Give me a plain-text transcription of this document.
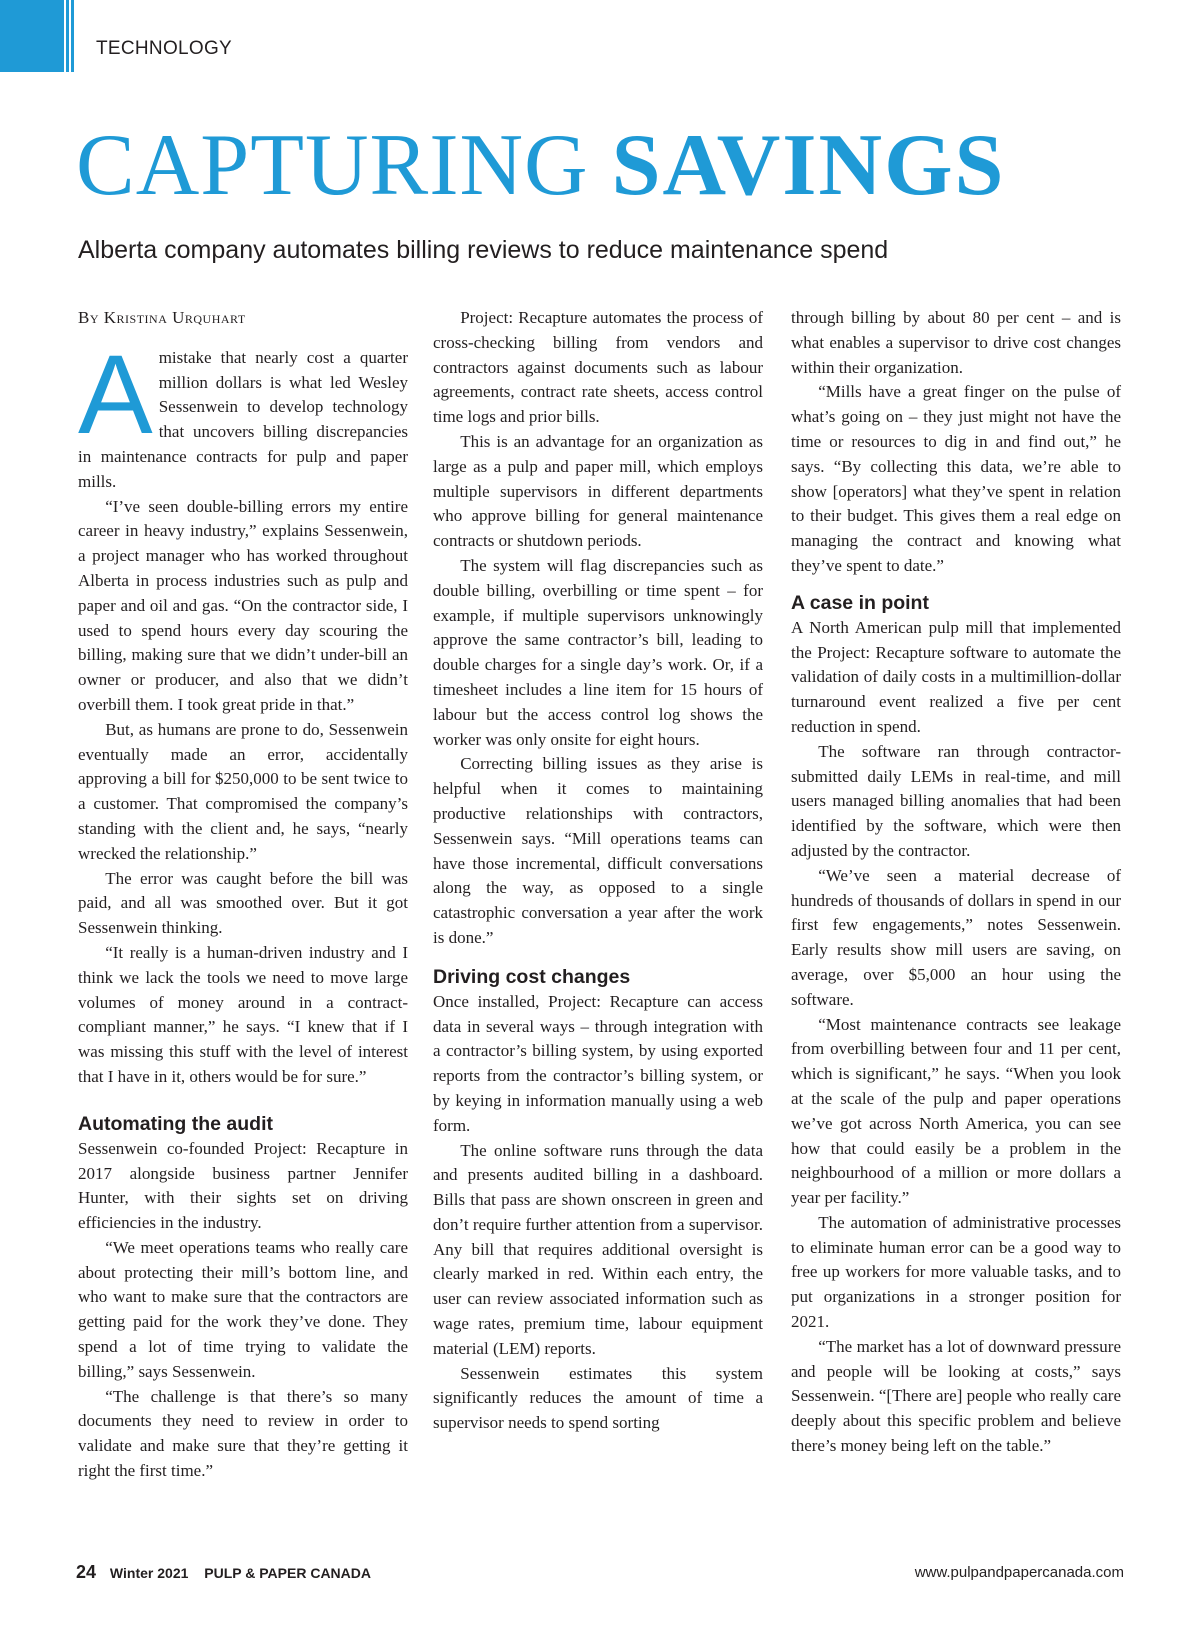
TECHNOLOGY
CAPTURING SAVINGS
Alberta company automates billing reviews to reduce maintenance spend
By Kristina Urquhart

Amistake that nearly cost a quarter million dollars is what led Wesley Sessenwein to develop technology that uncovers billing discrepancies in maintenance contracts for pulp and paper mills.

“I’ve seen double-billing errors my entire career in heavy industry,” explains Sessenwein, a project manager who has worked throughout Alberta in process industries such as pulp and paper and oil and gas. “On the contractor side, I used to spend hours every day scouring the billing, making sure that we didn’t under-bill an owner or producer, and also that we didn’t overbill them. I took great pride in that.”

But, as humans are prone to do, Sessenwein eventually made an error, accidentally approving a bill for $250,000 to be sent twice to a customer. That compromised the company’s standing with the client and, he says, “nearly wrecked the relationship.”

The error was caught before the bill was paid, and all was smoothed over. But it got Sessenwein thinking.

“It really is a human-driven industry and I think we lack the tools we need to move large volumes of money around in a contract-compliant manner,” he says. “I knew that if I was missing this stuff with the level of interest that I have in it, others would be for sure.”

Automating the audit

Sessenwein co-founded Project: Recapture in 2017 alongside business partner Jennifer Hunter, with their sights set on driving efficiencies in the industry.

“We meet operations teams who really care about protecting their mill’s bottom line, and who want to make sure that the contractors are getting paid for the work they’ve done. They spend a lot of time trying to validate the billing,” says Sessenwein.

“The challenge is that there’s so many documents they need to review in order to validate and make sure that they’re getting it right the first time.”

Project: Recapture automates the process of cross-checking billing from vendors and contractors against documents such as labour agreements, contract rate sheets, access control time logs and prior bills.

This is an advantage for an organization as large as a pulp and paper mill, which employs multiple supervisors in different departments who approve billing for general maintenance contracts or shutdown periods.

The system will flag discrepancies such as double billing, overbilling or time spent – for example, if multiple supervisors unknowingly approve the same contractor’s bill, leading to double charges for a single day’s work. Or, if a timesheet includes a line item for 15 hours of labour but the access control log shows the worker was only onsite for eight hours.

Correcting billing issues as they arise is helpful when it comes to maintaining productive relationships with contractors, Sessenwein says. “Mill operations teams can have those incremental, difficult conversations along the way, as opposed to a single catastrophic conversation a year after the work is done.”

Driving cost changes

Once installed, Project: Recapture can access data in several ways – through integration with a contractor’s billing system, by using exported reports from the contractor’s billing system, or by keying in information manually using a web form.

The online software runs through the data and presents audited billing in a dashboard. Bills that pass are shown onscreen in green and don’t require further attention from a supervisor. Any bill that requires additional oversight is clearly marked in red. Within each entry, the user can review associated information such as wage rates, premium time, labour equipment material (LEM) reports.

Sessenwein estimates this system significantly reduces the amount of time a supervisor needs to spend sorting

through billing by about 80 per cent – and is what enables a supervisor to drive cost changes within their organization.

“Mills have a great finger on the pulse of what’s going on – they just might not have the time or resources to dig in and find out,” he says. “By collecting this data, we’re able to show [operators] what they’ve spent in relation to their budget. This gives them a real edge on managing the contract and knowing what they’ve spent to date.”

A case in point

A North American pulp mill that implemented the Project: Recapture software to automate the validation of daily costs in a multimillion-dollar turnaround event realized a five per cent reduction in spend.

The software ran through contractor-submitted daily LEMs in real-time, and mill users managed billing anomalies that had been identified by the software, which were then adjusted by the contractor.

“We’ve seen a material decrease of hundreds of thousands of dollars in spend in our first few engagements,” notes Sessenwein. Early results show mill users are saving, on average, over $5,000 an hour using the software.

“Most maintenance contracts see leakage from overbilling between four and 11 per cent, which is significant,” he says. “When you look at the scale of the pulp and paper operations we’ve got across North America, you can see how that could easily be a problem in the neighbourhood of a million or more dollars a year per facility.”

The automation of administrative processes to eliminate human error can be a good way to free up workers for more valuable tasks, and to put organizations in a stronger position for 2021.

“The market has a lot of downward pressure and people will be looking at costs,” says Sessenwein. “[There are] people who really care deeply about this specific problem and believe there’s money being left on the table.”

24 Winter 2021 PULP & PAPER CANADA	www.pulpandpapercanada.com
